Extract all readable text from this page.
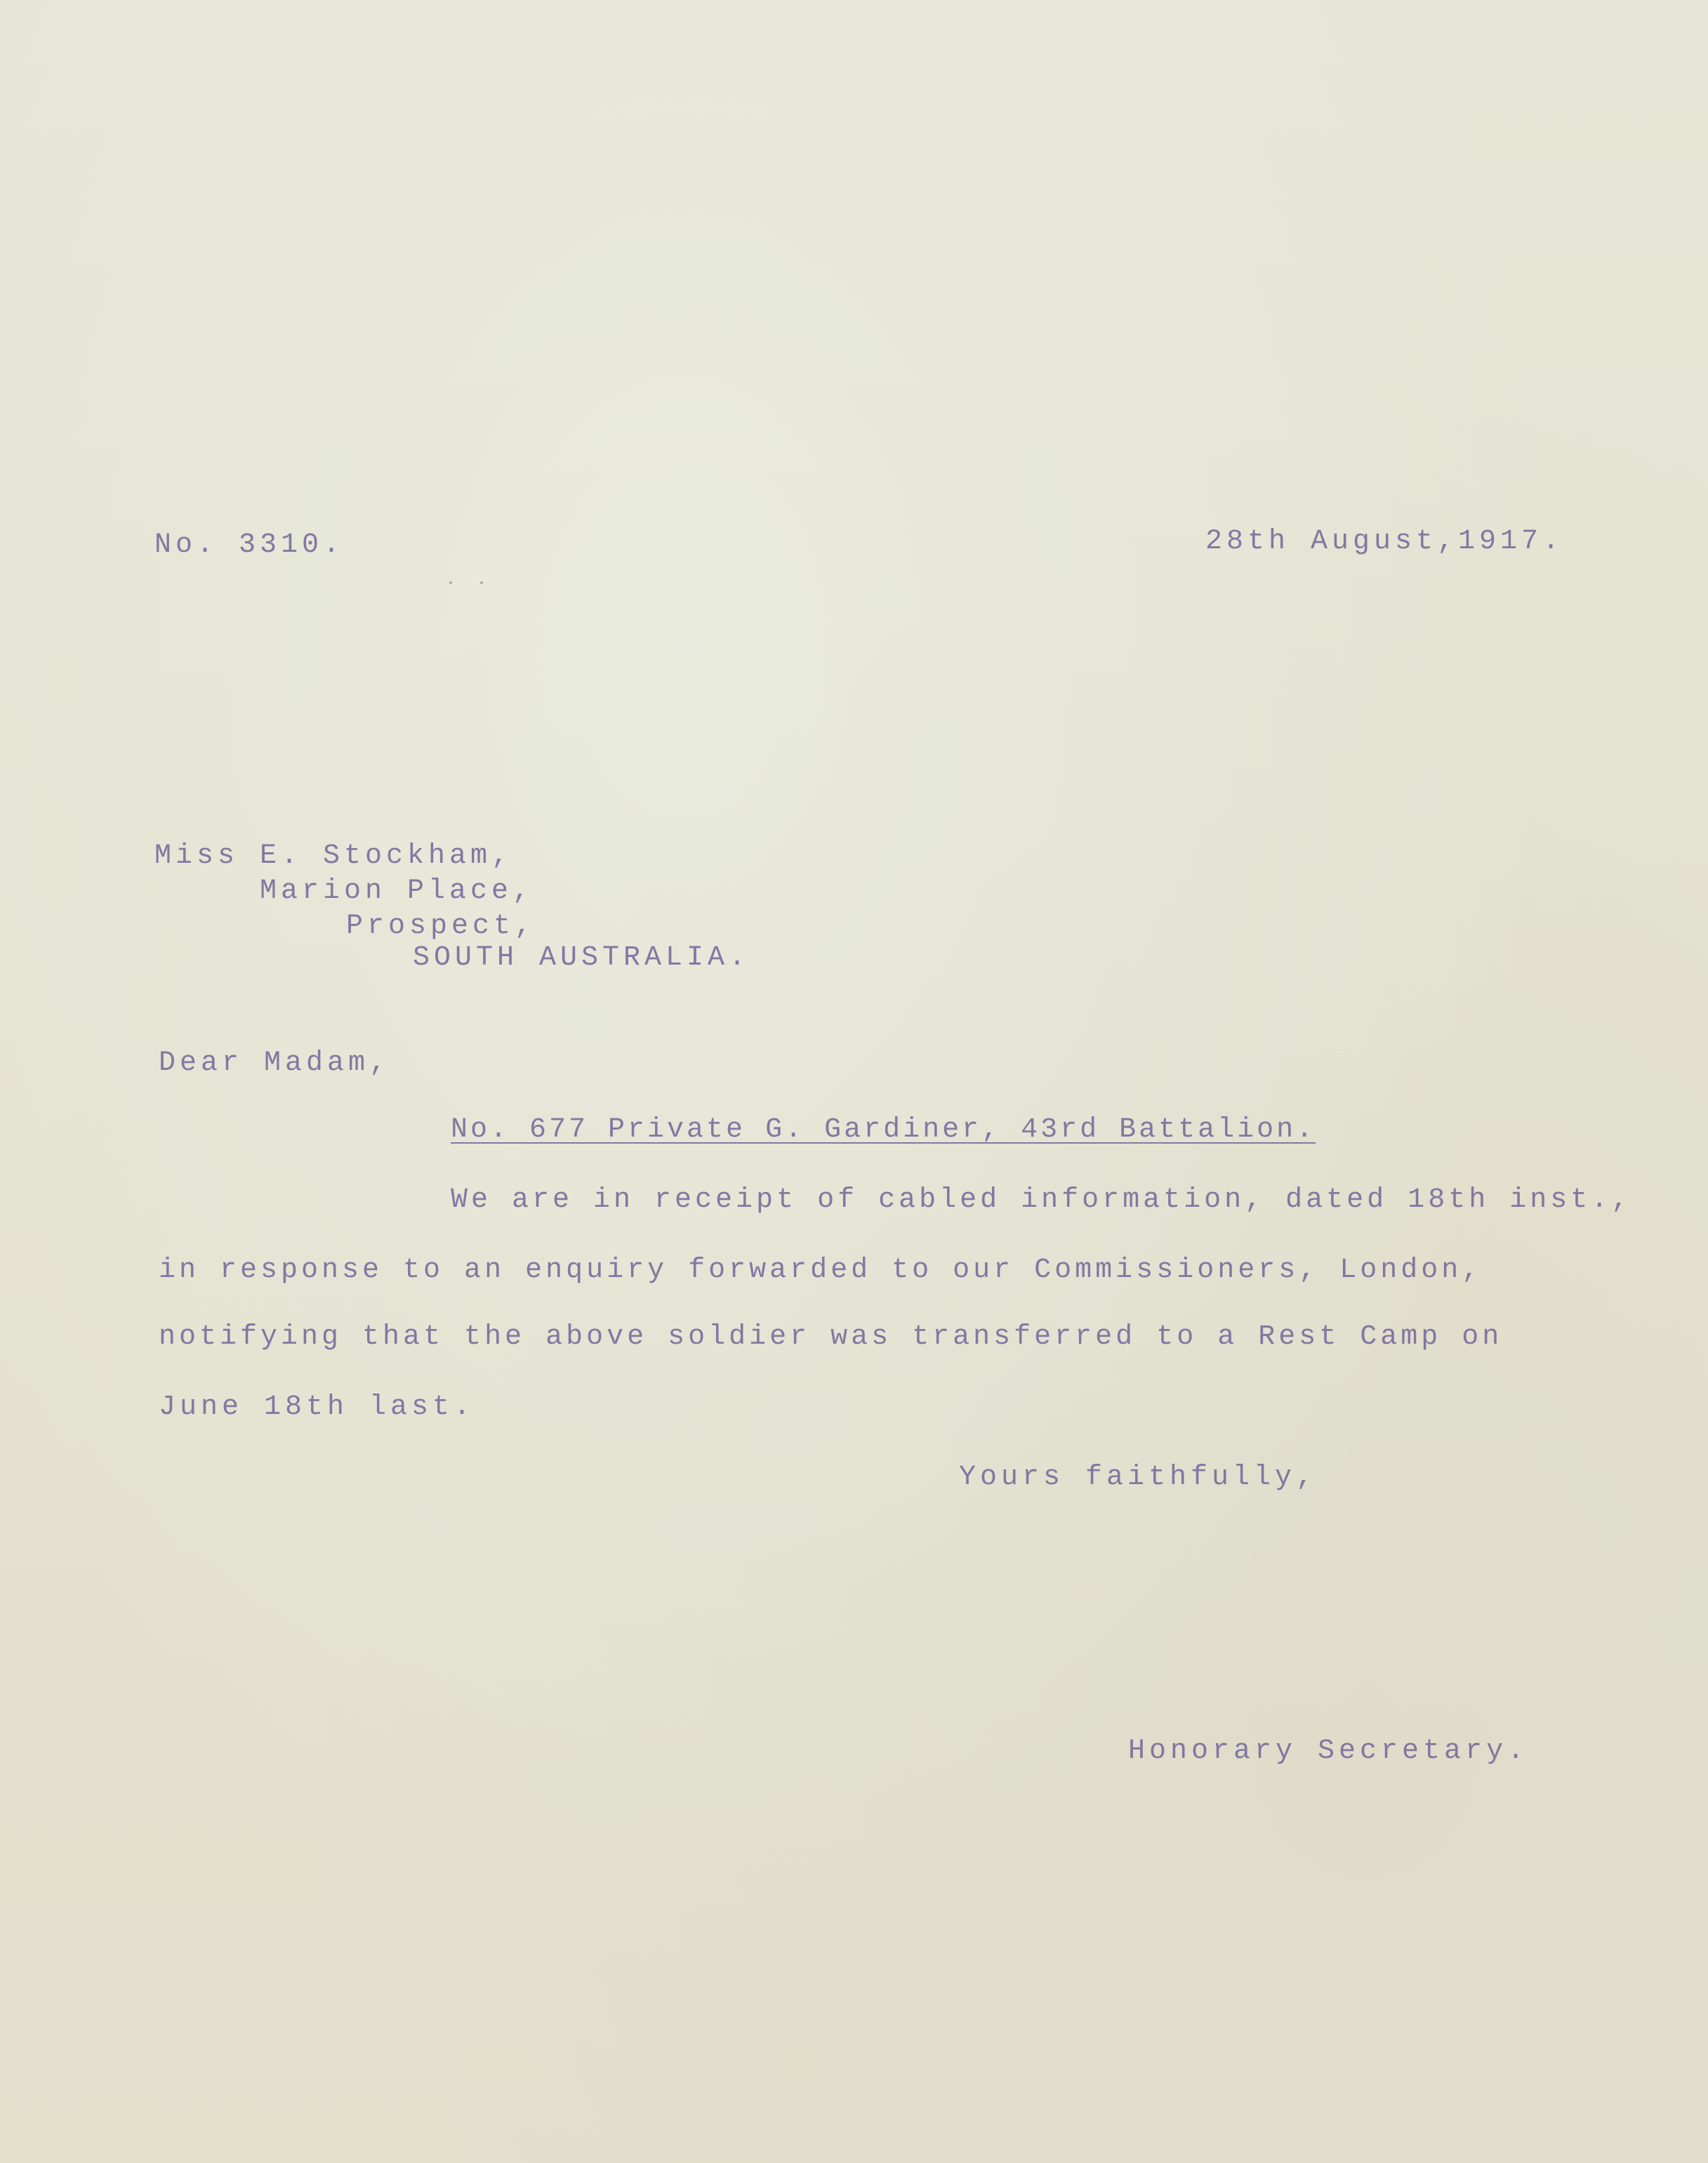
No. 3310.	28th August,1917.
Miss E. Stockham,
Marion Place,
Prospect,
SOUTH AUSTRALIA.
Dear Madam,
No. 677 Private G. Gardiner, 43rd Battalion.
We are in receipt of cabled information, dated 18th inst.,
in response to an enquiry forwarded to our Commissioners, London,
notifying that the above soldier was transferred to a Rest Camp on
June 18th last.
Yours faithfully,
Honorary Secretary.
